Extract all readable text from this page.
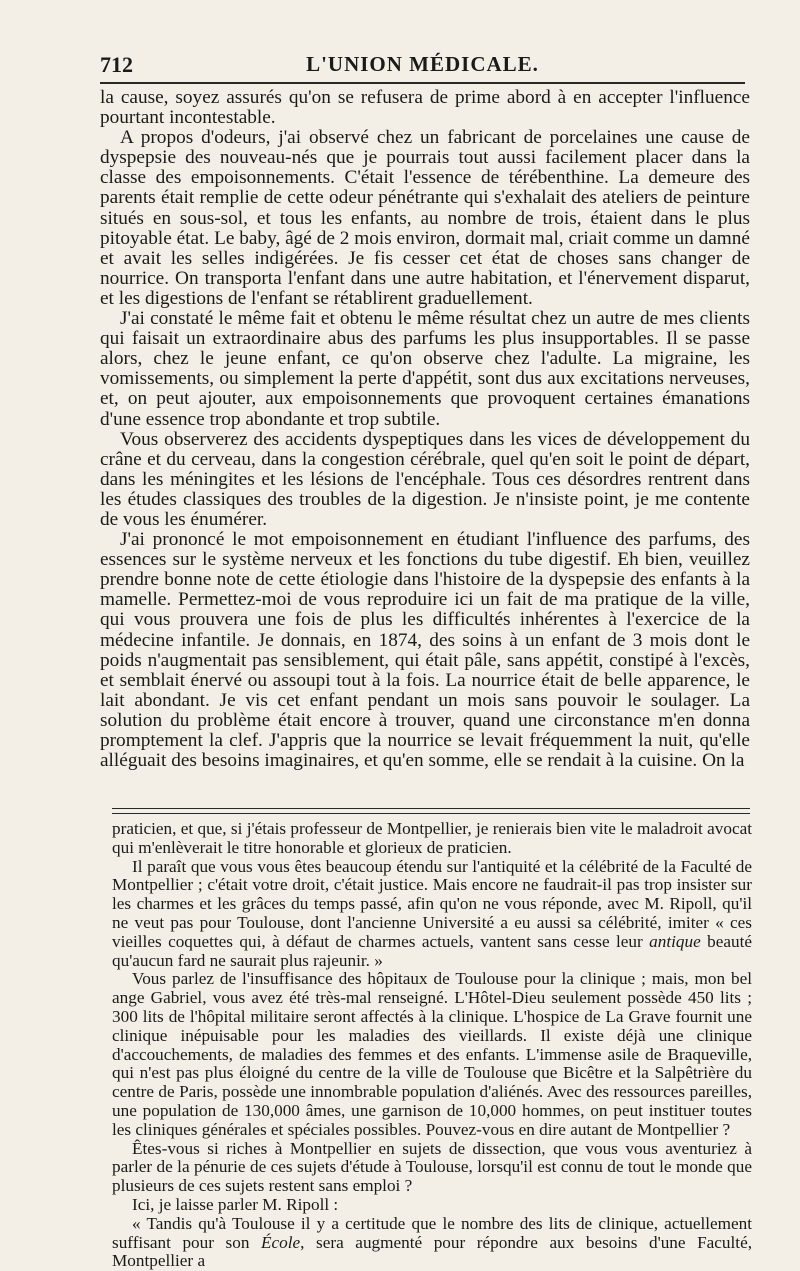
712	L'UNION MÉDICALE.

la cause, soyez assurés qu'on se refusera de prime abord à en accepter l'influence pourtant incontestable.

A propos d'odeurs, j'ai observé chez un fabricant de porcelaines une cause de dyspepsie des nouveau-nés que je pourrais tout aussi facilement placer dans la classe des empoisonnements. C'était l'essence de térébenthine. La demeure des parents était remplie de cette odeur pénétrante qui s'exhalait des ateliers de peinture situés en sous-sol, et tous les enfants, au nombre de trois, étaient dans le plus pitoyable état. Le baby, âgé de 2 mois environ, dormait mal, criait comme un damné et avait les selles indigérées. Je fis cesser cet état de choses sans changer de nourrice. On transporta l'enfant dans une autre habitation, et l'énervement disparut, et les digestions de l'enfant se rétablirent graduellement.

J'ai constaté le même fait et obtenu le même résultat chez un autre de mes clients qui faisait un extraordinaire abus des parfums les plus insupportables. Il se passe alors, chez le jeune enfant, ce qu'on observe chez l'adulte. La migraine, les vomissements, ou simplement la perte d'appétit, sont dus aux excitations nerveuses, et, on peut ajouter, aux empoisonnements que provoquent certaines émanations d'une essence trop abondante et trop subtile.

Vous observerez des accidents dyspeptiques dans les vices de développement du crâne et du cerveau, dans la congestion cérébrale, quel qu'en soit le point de départ, dans les méningites et les lésions de l'encéphale. Tous ces désordres rentrent dans les études classiques des troubles de la digestion. Je n'insiste point, je me contente de vous les énumérer.

J'ai prononcé le mot empoisonnement en étudiant l'influence des parfums, des essences sur le système nerveux et les fonctions du tube digestif. Eh bien, veuillez prendre bonne note de cette étiologie dans l'histoire de la dyspepsie des enfants à la mamelle. Permettez-moi de vous reproduire ici un fait de ma pratique de la ville, qui vous prouvera une fois de plus les difficultés inhérentes à l'exercice de la médecine infantile. Je donnais, en 1874, des soins à un enfant de 3 mois dont le poids n'augmentait pas sensiblement, qui était pâle, sans appétit, constipé à l'excès, et semblait énervé ou assoupi tout à la fois. La nourrice était de belle apparence, le lait abondant. Je vis cet enfant pendant un mois sans pouvoir le soulager. La solution du problème était encore à trouver, quand une circonstance m'en donna promptement la clef. J'appris que la nourrice se levait fréquemment la nuit, qu'elle alléguait des besoins imaginaires, et qu'en somme, elle se rendait à la cuisine. On la

praticien, et que, si j'étais professeur de Montpellier, je renierais bien vite le maladroit avocat qui m'enlèverait le titre honorable et glorieux de praticien.

Il paraît que vous vous êtes beaucoup étendu sur l'antiquité et la célébrité de la Faculté de Montpellier ; c'était votre droit, c'était justice. Mais encore ne faudrait-il pas trop insister sur les charmes et les grâces du temps passé, afin qu'on ne vous réponde, avec M. Ripoll, qu'il ne veut pas pour Toulouse, dont l'ancienne Université a eu aussi sa célébrité, imiter « ces vieilles coquettes qui, à défaut de charmes actuels, vantent sans cesse leur antique beauté qu'aucun fard ne saurait plus rajeunir. »

Vous parlez de l'insuffisance des hôpitaux de Toulouse pour la clinique ; mais, mon bel ange Gabriel, vous avez été très-mal renseigné. L'Hôtel-Dieu seulement possède 450 lits ; 300 lits de l'hôpital militaire seront affectés à la clinique. L'hospice de La Grave fournit une clinique inépuisable pour les maladies des vieillards. Il existe déjà une clinique d'accouchements, de maladies des femmes et des enfants. L'immense asile de Braqueville, qui n'est pas plus éloigné du centre de la ville de Toulouse que Bicêtre et la Salpêtrière du centre de Paris, possède une innombrable population d'aliénés. Avec des ressources pareilles, une population de 130,000 âmes, une garnison de 10,000 hommes, on peut instituer toutes les cliniques générales et spéciales possibles. Pouvez-vous en dire autant de Montpellier ?

Êtes-vous si riches à Montpellier en sujets de dissection, que vous vous aventuriez à parler de la pénurie de ces sujets d'étude à Toulouse, lorsqu'il est connu de tout le monde que plusieurs de ces sujets restent sans emploi ?

Ici, je laisse parler M. Ripoll :

« Tandis qu'à Toulouse il y a certitude que le nombre des lits de clinique, actuellement suffisant pour son École, sera augmenté pour répondre aux besoins d'une Faculté, Montpellier a
